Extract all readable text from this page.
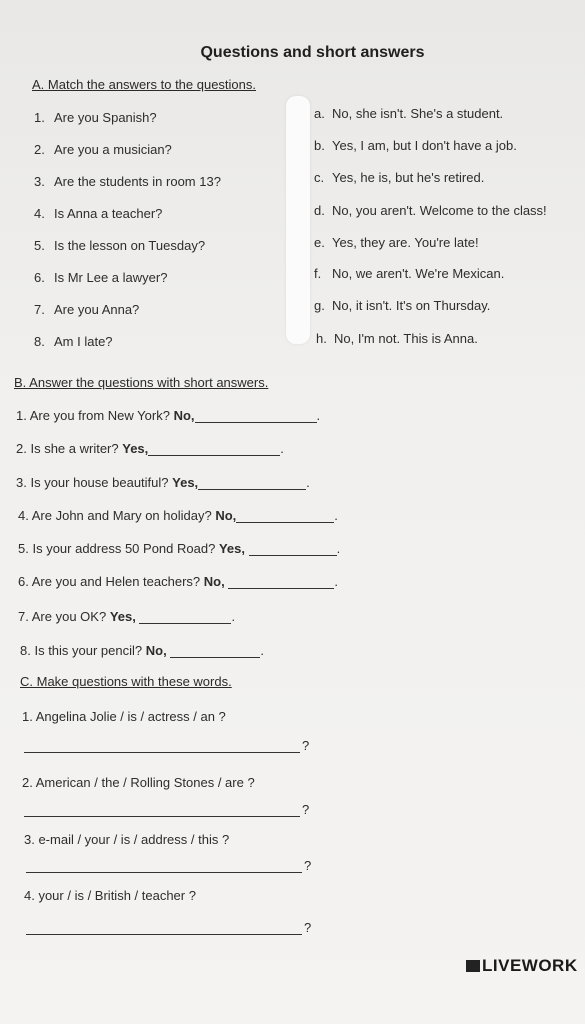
Questions and short answers
A. Match the answers to the questions.
1. Are you Spanish?
2. Are you a musician?
3. Are the students in room 13?
4. Is Anna a teacher?
5. Is the lesson on Tuesday?
6. Is Mr Lee a lawyer?
7. Are you Anna?
8. Am I late?
a. No, she isn't. She's a student.
b. Yes, I am, but I don't have a job.
c. Yes, he is, but he's retired.
d. No, you aren't. Welcome to the class!
e. Yes, they are. You're late!
f. No, we aren't. We're Mexican.
g. No, it isn't. It's on Thursday.
h. No, I'm not. This is Anna.
B. Answer the questions with short answers.
1. Are you from New York? No,	.
2. Is she a writer? Yes,	.
3. Is your house beautiful? Yes,	.
4. Are John and Mary on holiday? No,	.
5. Is your address 50 Pond Road? Yes,	.
6. Are you and Helen teachers? No,	.
7. Are you OK? Yes,	.
8. Is this your pencil? No,	.
C. Make questions with these words.
1. Angelina Jolie / is / actress / an ?
?
2. American / the / Rolling Stones / are ?
?
3. e-mail / your / is / address / this ?
?
4. your / is / British / teacher ?
?
LIVEWORK
